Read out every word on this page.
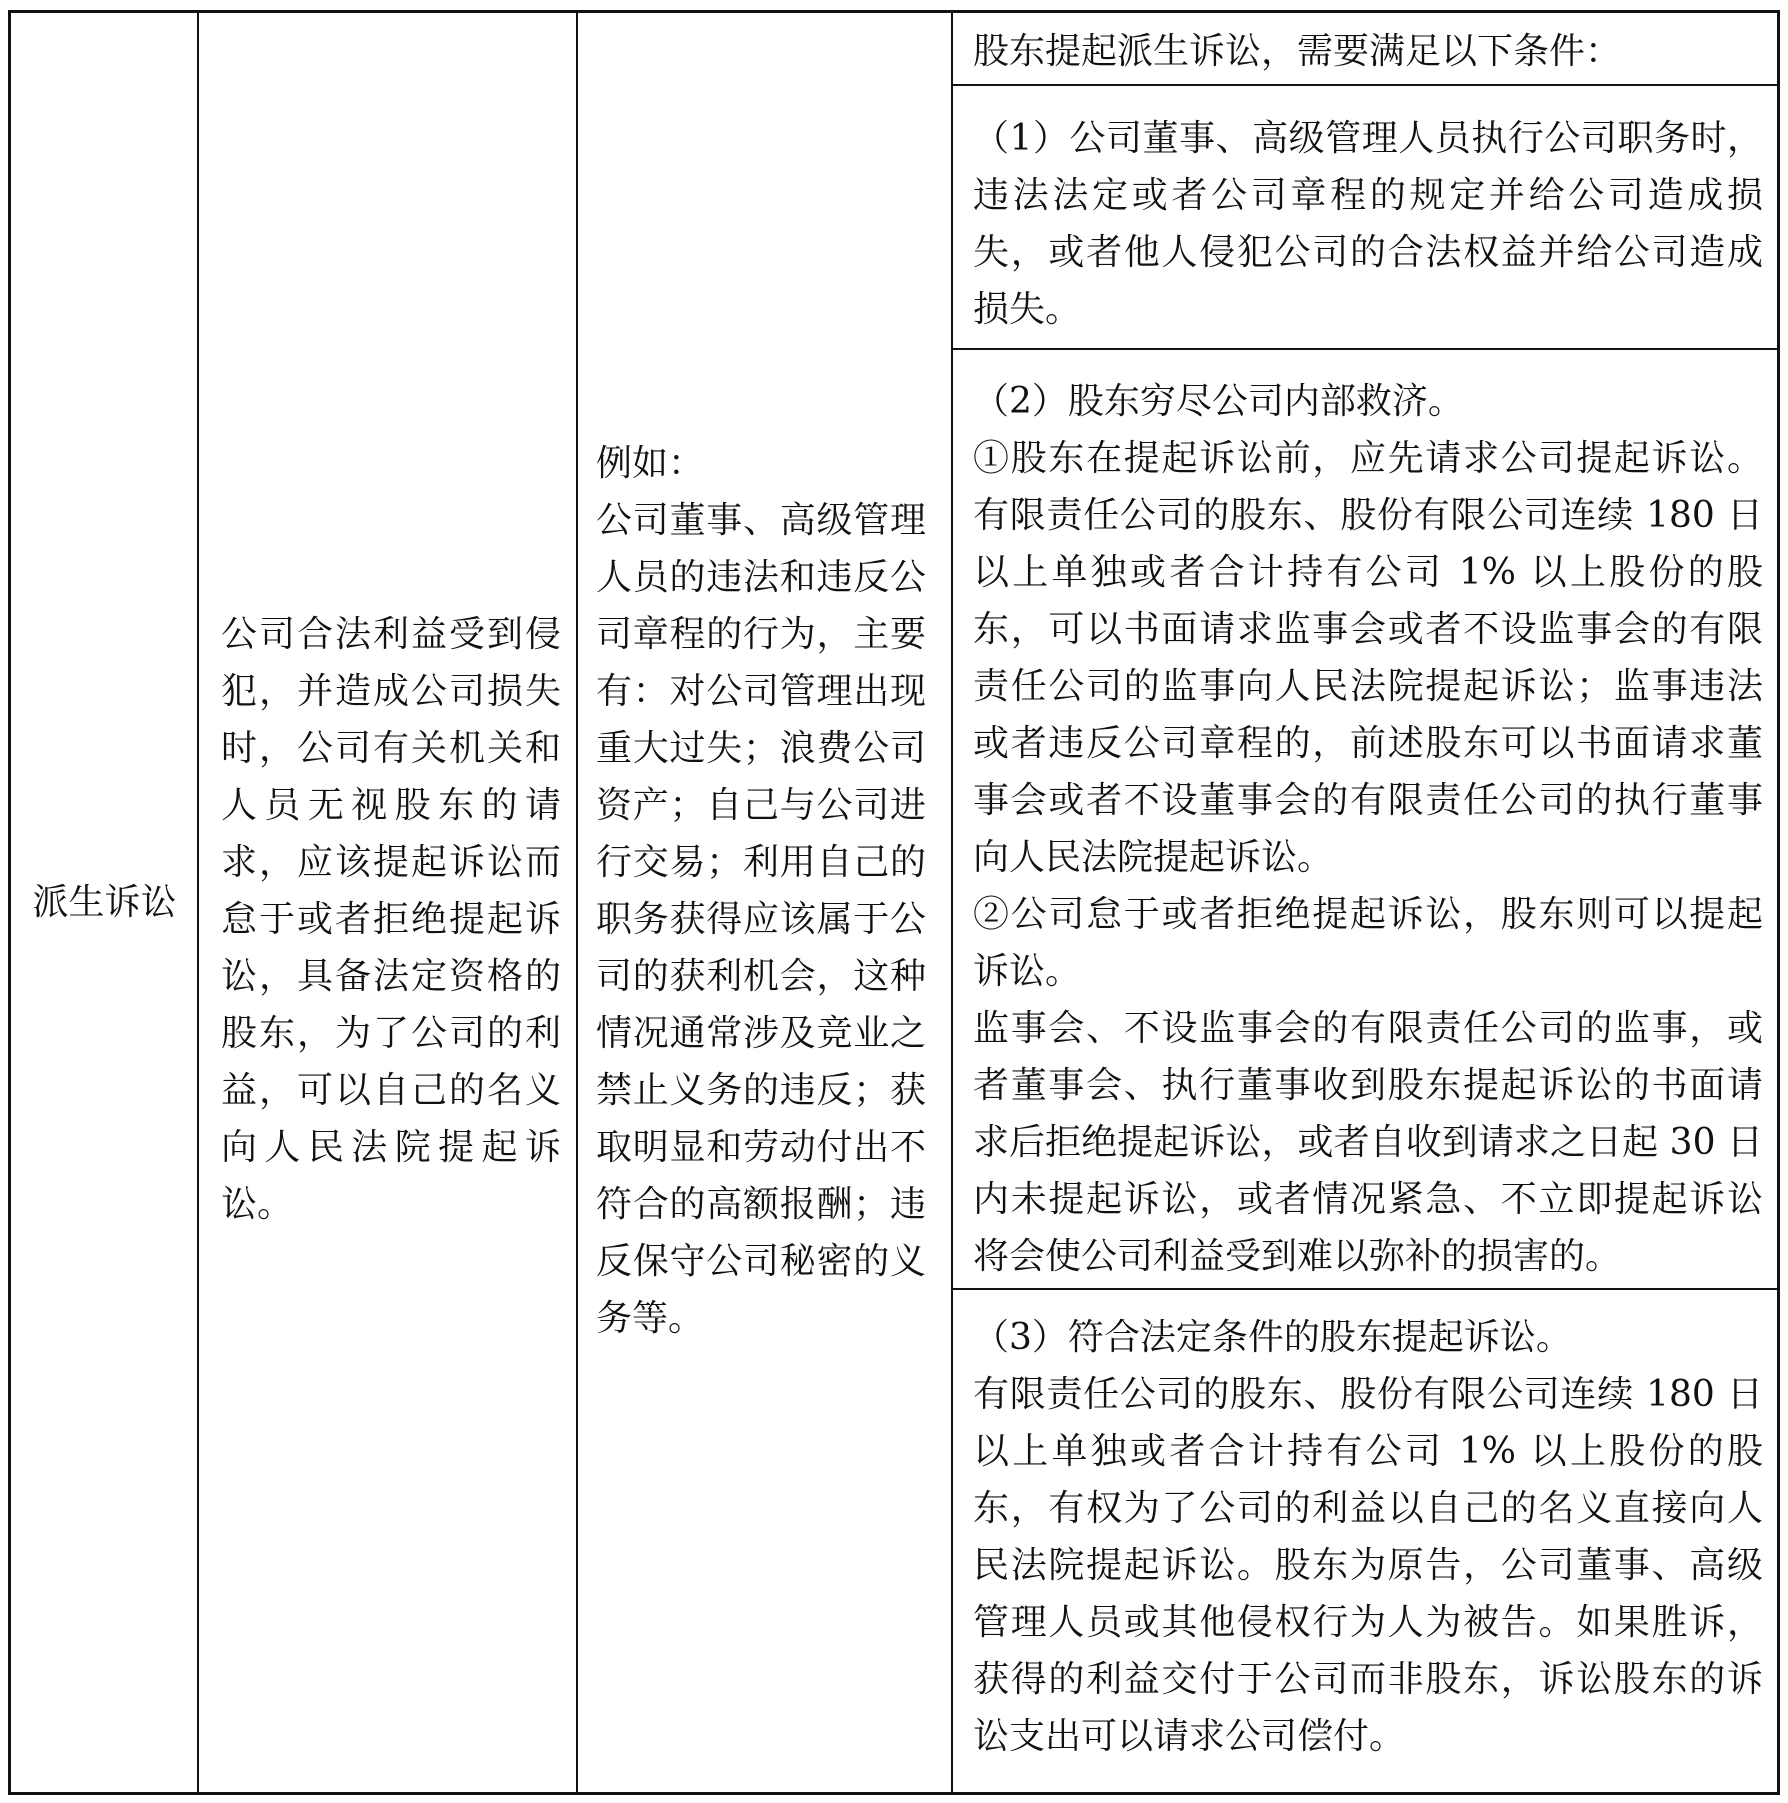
派生诉讼

公司合法利益受到侵犯，并造成公司损失时，公司有关机关和人员无视股东的请求，应该提起诉讼而怠于或者拒绝提起诉讼，具备法定资格的股东，为了公司的利益，可以自己的名义向人民法院提起诉讼。

例如：

公司董事、高级管理人员的违法和违反公司章程的行为，主要有：对公司管理出现重大过失；浪费公司资产；自己与公司进行交易；利用自己的职务获得应该属于公司的获利机会，这种情况通常涉及竞业之禁止义务的违反；获取明显和劳动付出不符合的高额报酬；违反保守公司秘密的义务等。

股东提起派生诉讼，需要满足以下条件：

（1）公司董事、高级管理人员执行公司职务时，违法法定或者公司章程的规定并给公司造成损失，或者他人侵犯公司的合法权益并给公司造成损失。

（2）股东穷尽公司内部救济。

①股东在提起诉讼前，应先请求公司提起诉讼。有限责任公司的股东、股份有限公司连续 180 日以上单独或者合计持有公司 1% 以上股份的股东，可以书面请求监事会或者不设监事会的有限责任公司的监事向人民法院提起诉讼；监事违法或者违反公司章程的，前述股东可以书面请求董事会或者不设董事会的有限责任公司的执行董事向人民法院提起诉讼。

②公司怠于或者拒绝提起诉讼，股东则可以提起诉讼。

监事会、不设监事会的有限责任公司的监事，或者董事会、执行董事收到股东提起诉讼的书面请求后拒绝提起诉讼，或者自收到请求之日起 30 日内未提起诉讼，或者情况紧急、不立即提起诉讼将会使公司利益受到难以弥补的损害的。

（3）符合法定条件的股东提起诉讼。

有限责任公司的股东、股份有限公司连续 180 日以上单独或者合计持有公司 1% 以上股份的股东，有权为了公司的利益以自己的名义直接向人民法院提起诉讼。股东为原告，公司董事、高级管理人员或其他侵权行为人为被告。如果胜诉，获得的利益交付于公司而非股东，诉讼股东的诉讼支出可以请求公司偿付。
